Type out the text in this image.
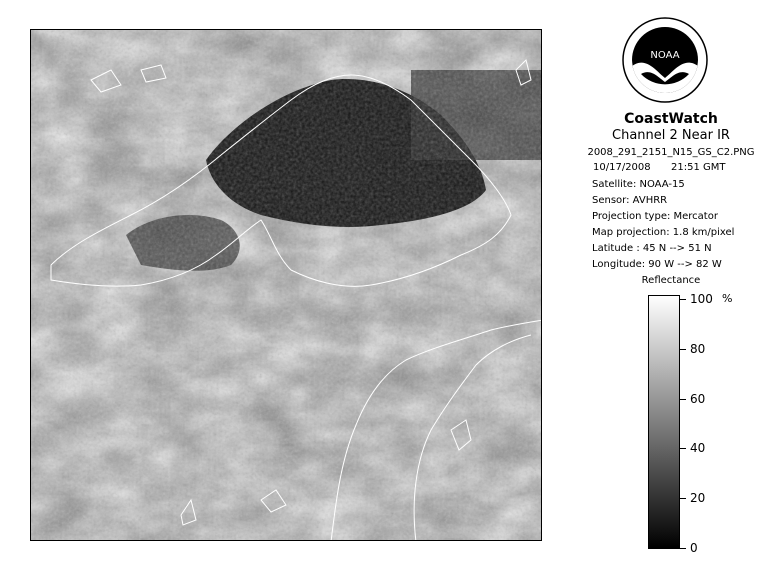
NOAA
CoastWatch
Channel 2 Near IR
2008_291_2151_N15_GS_C2.PNG
10/17/2008	21:51 GMT
Satellite: NOAA-15
Sensor: AVHRR
Projection type: Mercator
Map projection: 1.8 km/pixel
Latitude : 45 N --> 51 N
Longitude: 90 W --> 82 W
Reflectance
%
100
80
60
40
20
0
